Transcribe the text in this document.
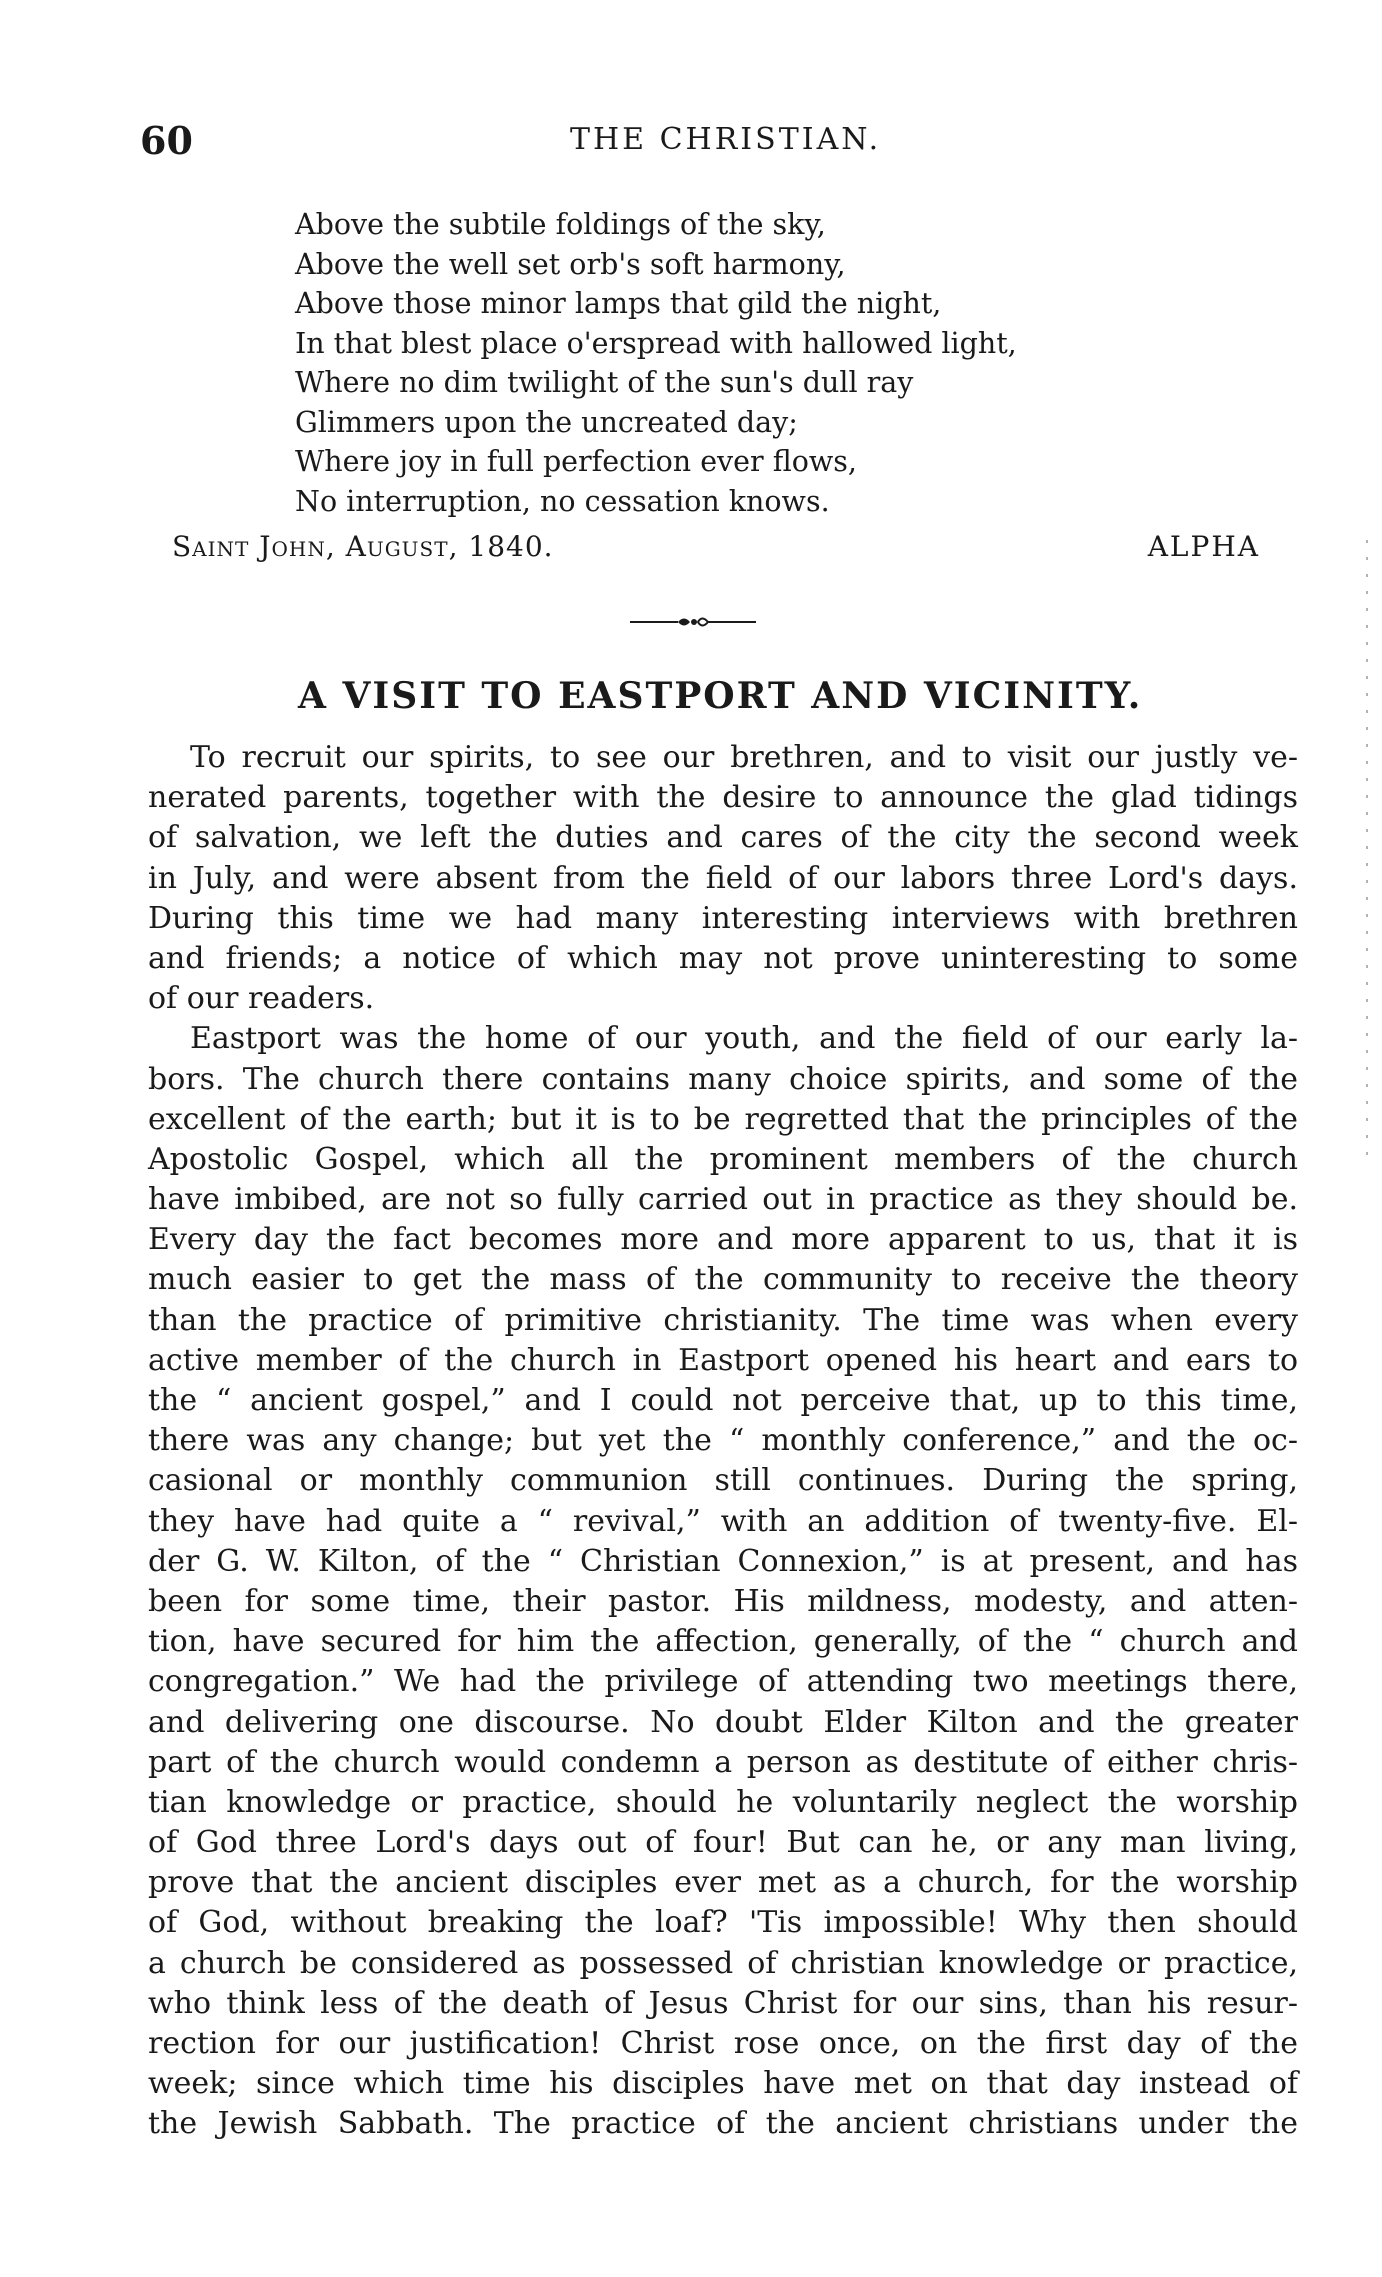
60	THE CHRISTIAN.
Above the subtile foldings of the sky,
Above the well set orb's soft harmony,
Above those minor lamps that gild the night,
In that blest place o'erspread with hallowed light,
Where no dim twilight of the sun's dull ray
Glimmers upon the uncreated day;
Where joy in full perfection ever flows,
No interruption, no cessation knows.
Saint John, August, 1840.	ALPHA
A VISIT TO EASTPORT AND VICINITY.
To recruit our spirits, to see our brethren, and to visit our justly ve-
nerated parents, together with the desire to announce the glad tidings
of salvation, we left the duties and cares of the city the second week
in July, and were absent from the field of our labors three Lord's days.
During this time we had many interesting interviews with brethren
and friends; a notice of which may not prove uninteresting to some
of our readers.
Eastport was the home of our youth, and the field of our early la-
bors. The church there contains many choice spirits, and some of the
excellent of the earth; but it is to be regretted that the principles of the
Apostolic Gospel, which all the prominent members of the church
have imbibed, are not so fully carried out in practice as they should be.
Every day the fact becomes more and more apparent to us, that it is
much easier to get the mass of the community to receive the theory
than the practice of primitive christianity. The time was when every
active member of the church in Eastport opened his heart and ears to
the “ ancient gospel,” and I could not perceive that, up to this time,
there was any change; but yet the “ monthly conference,” and the oc-
casional or monthly communion still continues. During the spring,
they have had quite a “ revival,” with an addition of twenty-five. El-
der G. W. Kilton, of the “ Christian Connexion,” is at present, and has
been for some time, their pastor. His mildness, modesty, and atten-
tion, have secured for him the affection, generally, of the “ church and
congregation.” We had the privilege of attending two meetings there,
and delivering one discourse. No doubt Elder Kilton and the greater
part of the church would condemn a person as destitute of either chris-
tian knowledge or practice, should he voluntarily neglect the worship
of God three Lord's days out of four! But can he, or any man living,
prove that the ancient disciples ever met as a church, for the worship
of God, without breaking the loaf? 'Tis impossible! Why then should
a church be considered as possessed of christian knowledge or practice,
who think less of the death of Jesus Christ for our sins, than his resur-
rection for our justification! Christ rose once, on the first day of the
week; since which time his disciples have met on that day instead of
the Jewish Sabbath. The practice of the ancient christians under the
